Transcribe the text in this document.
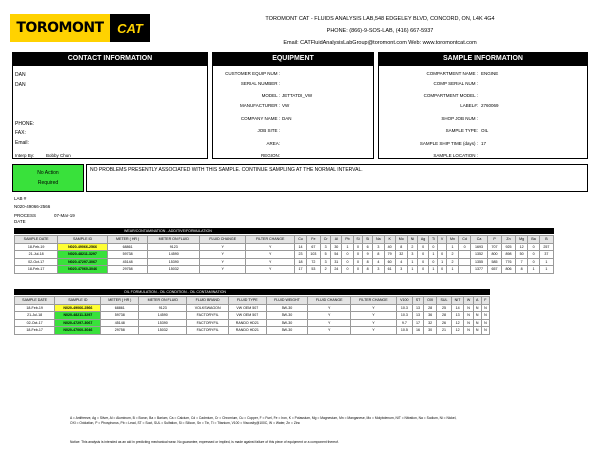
TOROMONT	CAT
TOROMONT CAT - FLUIDS ANALYSIS LAB,548 EDGELEY BLVD, CONCORD, ON, L4K 4G4
PHONE: (866)-9-SOS-LAB, (416) 667-5937
Email: CATFluidAnalysisLabGroup@toromont.com Web: www.toromontcat.com
CONTACT INFORMATION	EQUIPMENT	SAMPLE INFORMATION
DAN
DAN
PHONE:
FAX:
Email:
Interp By:	Bobby Chun
CUSTOMER EQUIP NUM :
SERIAL NUMBER :
MODEL : JETTATDI_VW
MANUFACTURER : VW
COMPANY NAME : DAN
JOB SITE :
AREA:
REGION:
COMPARTMENT NAME : ENGINE
COMP SERIAL NUM :
COMPARTMENT MODEL :
LABEL#: 2760069
SHOP JOB NUM :
SAMPLE TYPE: OIL
SAMPLE SHIP TIME (days) : 17
SAMPLE LOCATION :
No Action
Required
NO PROBLEMS PRESENTLY ASSOCIATED WITH THIS SAMPLE. CONTINUE SAMPLING AT THE NORMAL INTERVAL.
LAB #
N020-49066-2566
PROCESS	07-Mar-19
DATE
WEAR/CONTAMINATION - ADDITIVE/FORMULATION
SAMPLE DATE	SAMPLE ID	METER ( HR )	METER ON FLUID	FLUID CHANGE	FILTER CHANGE	Cu	Fe	Cr	Al	Pb	Si	Si	Na	K	Mo	Ni	Ag	Ti	V	Mn	Cd	Ca	P	Zn	Mg	Ba	B
18-Feb-19	N020-49066-2566	68861	9123	Y	Y	14	67	3	30	1	0	6	3	40	8	2	0	0		1	0	1693	707	925	12	0	257
21-Jul-18	N020-48211-3297	59738	14590	Y	Y	23	103	5	54	0	0	9	8	79	32	3	0	1	0	2		1352	800	898	50	0	37
02-Oct-17	N020-47297-3067	45148	15390	Y	Y	18	72	3	31	0	0	8	4	60	4	1	0	0	1	2		1355	585	776	7	0	1
18-Feb-17	N020-47060-3046	29758	15032	Y	Y	17	53	2	24	0	0	8	3	61	3	1	0	1	0	1		1377	657	806	8	1	1
OIL FORMULATION - OIL CONDITION - OIL CONTAMINATION
SAMPLE DATE	SAMPLE ID	METER ( HR )	METER ON FLUID	FLUID BRAND	FLUID TYPE	FLUID WEIGHT	FLUID CHANGE	FILTER CHANGE	V100	ST	OXI	SUL	NIT	W	A	F
18-Feb-19	N020-49066-2566	68861	9123	VOLKSWAGON	VW OEM 507	5W-30	Y	Y	10.3	13	28	25	14	N	N	N
21-Jul-18	N020-48211-3297	59738	14590	FACTORYFIL	VW OEM 507	5W-30	Y	Y	10.3	13	36	28	13	N	N	N
02-Oct-17	N020-47297-3067	45148	15390	FACTORYFIL	RANDO HD21	5W-30	Y	Y	9.7	17	32	26	12	N	N	N
18-Feb-17	N020-47060-3046	29758	15032	FACTORYFIL	RANDO HD21	5W-30	Y	Y	10.5	16	30	21	12	N	N	N
A = Antifreeze, Ag = Silver, Al = Aluminum, B = Boron, Ba = Barium, Ca = Calcium, Cd = Cadmium, Cr = Chromium, Cu = Copper, F = Fuel, Fe = Iron, K = Potassium, Mg = Magnesium, Mn = Manganese, Mo = Molybdenum, NIT = Nitration, Na = Sodium, Ni = Nickel,
OXI = Oxidation, P = Phosphorus, Pb = Lead, ST = Soot, SUL = Sulfation, Si = Silicon, Sn = Tin, Ti = Titanium, V100 = Viscosity@100C, W = Water, Zn = Zinc
Notice: This analysis is intended as an aid in predicting mechanical wear. No guarantee, expressed or implied, is made against failure of this piece of equipment or a component thereof.
